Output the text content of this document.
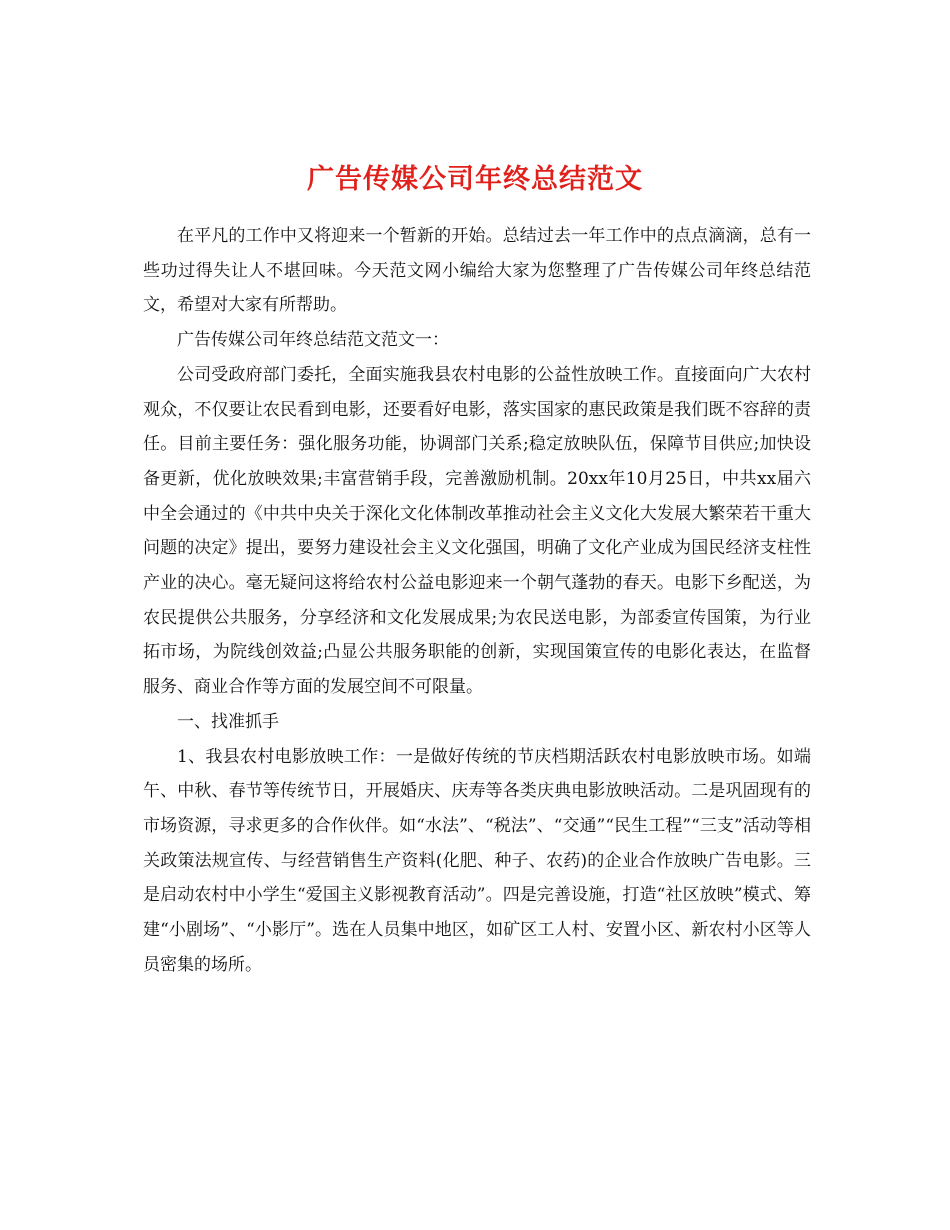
广告传媒公司年终总结范文

在平凡的工作中又将迎来一个暂新的开始。总结过去一年工作中的点点滴滴，总有一些功过得失让人不堪回味。今天范文网小编给大家为您整理了广告传媒公司年终总结范文，希望对大家有所帮助。

广告传媒公司年终总结范文范文一：

公司受政府部门委托，全面实施我县农村电影的公益性放映工作。直接面向广大农村观众，不仅要让农民看到电影，还要看好电影，落实国家的惠民政策是我们既不容辞的责任。目前主要任务：强化服务功能，协调部门关系;稳定放映队伍，保障节目供应;加快设备更新，优化放映效果;丰富营销手段，完善激励机制。20xx年10月25日，中共xx届六中全会通过的《中共中央关于深化文化体制改革推动社会主义文化大发展大繁荣若干重大问题的决定》提出，要努力建设社会主义文化强国，明确了文化产业成为国民经济支柱性产业的决心。毫无疑问这将给农村公益电影迎来一个朝气蓬勃的春天。电影下乡配送，为农民提供公共服务，分享经济和文化发展成果;为农民送电影，为部委宣传国策，为行业拓市场，为院线创效益;凸显公共服务职能的创新，实现国策宣传的电影化表达，在监督服务、商业合作等方面的发展空间不可限量。

一、找准抓手

1、我县农村电影放映工作：一是做好传统的节庆档期活跃农村电影放映市场。如端午、中秋、春节等传统节日，开展婚庆、庆寿等各类庆典电影放映活动。二是巩固现有的市场资源，寻求更多的合作伙伴。如“水法”、“税法”、“交通”“民生工程”“三支”活动等相关政策法规宣传、与经营销售生产资料(化肥、种子、农药)的企业合作放映广告电影。三是启动农村中小学生“爱国主义影视教育活动”。四是完善设施，打造“社区放映”模式、筹建“小剧场”、“小影厅”。选在人员集中地区，如矿区工人村、安置小区、新农村小区等人员密集的场所。
